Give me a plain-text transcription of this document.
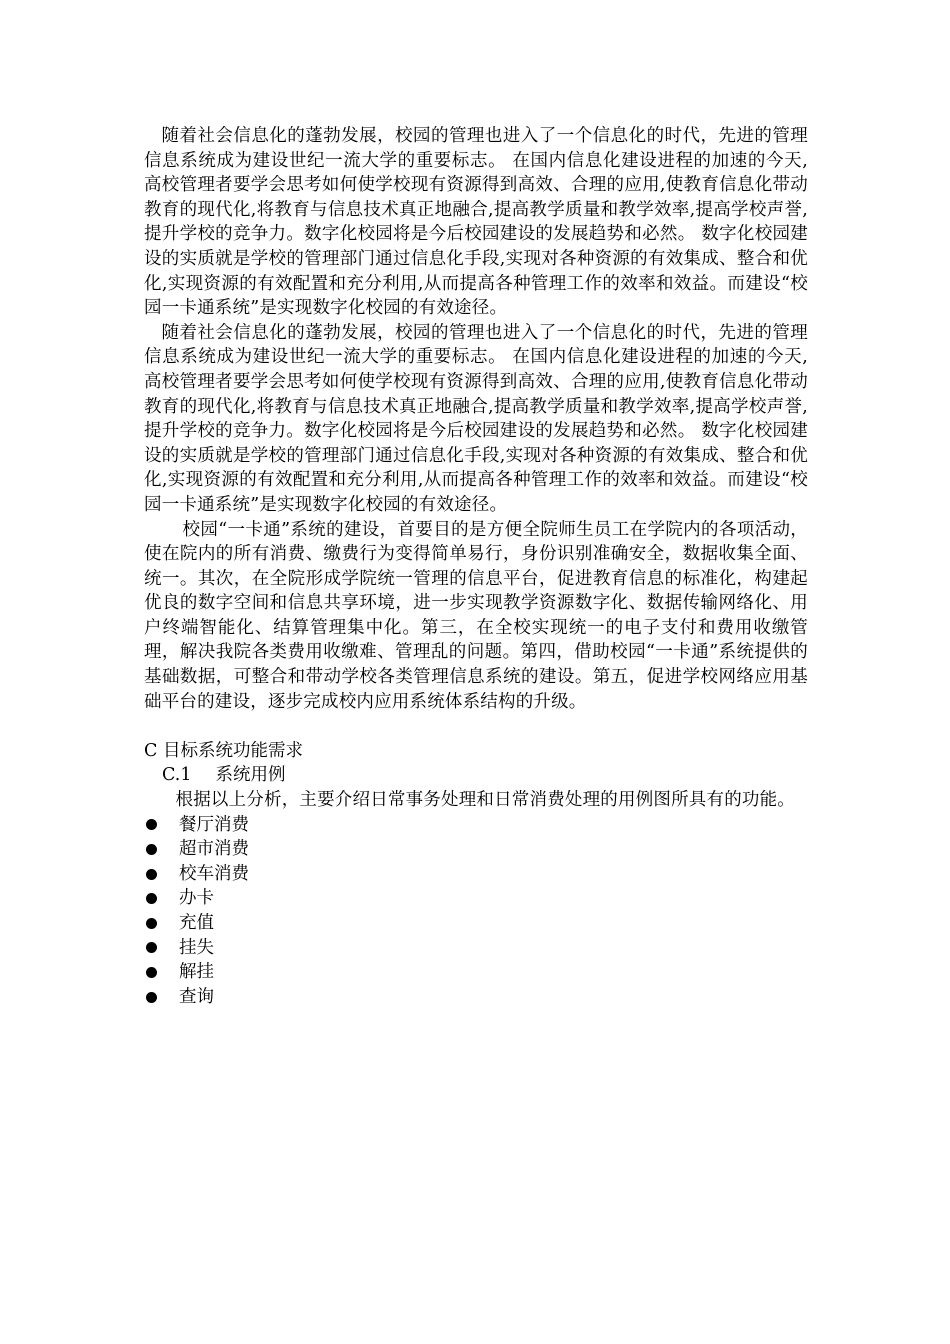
随着社会信息化的蓬勃发展，校园的管理也进入了一个信息化的时代，先进的管理信息系统成为建设世纪一流大学的重要标志。 在国内信息化建设进程的加速的今天,高校管理者要学会思考如何使学校现有资源得到高效、合理的应用,使教育信息化带动教育的现代化,将教育与信息技术真正地融合,提高教学质量和教学效率,提高学校声誉,提升学校的竞争力。数字化校园将是今后校园建设的发展趋势和必然。 数字化校园建设的实质就是学校的管理部门通过信息化手段,实现对各种资源的有效集成、整合和优化,实现资源的有效配置和充分利用,从而提高各种管理工作的效率和效益。而建设“校园一卡通系统”是实现数字化校园的有效途径。

随着社会信息化的蓬勃发展，校园的管理也进入了一个信息化的时代，先进的管理信息系统成为建设世纪一流大学的重要标志。 在国内信息化建设进程的加速的今天,高校管理者要学会思考如何使学校现有资源得到高效、合理的应用,使教育信息化带动教育的现代化,将教育与信息技术真正地融合,提高教学质量和教学效率,提高学校声誉,提升学校的竞争力。数字化校园将是今后校园建设的发展趋势和必然。 数字化校园建设的实质就是学校的管理部门通过信息化手段,实现对各种资源的有效集成、整合和优化,实现资源的有效配置和充分利用,从而提高各种管理工作的效率和效益。而建设“校园一卡通系统”是实现数字化校园的有效途径。

校园“一卡通”系统的建设，首要目的是方便全院师生员工在学院内的各项活动，使在院内的所有消费、缴费行为变得简单易行，身份识别准确安全，数据收集全面、统一。其次，在全院形成学院统一管理的信息平台，促进教育信息的标准化，构建起优良的数字空间和信息共享环境，进一步实现教学资源数字化、数据传输网络化、用户终端智能化、结算管理集中化。第三，在全校实现统一的电子支付和费用收缴管理，解决我院各类费用收缴难、管理乱的问题。第四，借助校园“一卡通”系统提供的基础数据，可整合和带动学校各类管理信息系统的建设。第五，促进学校网络应用基础平台的建设，逐步完成校内应用系统体系结构的升级。

C 目标系统功能需求

C.1 系统用例

根据以上分析，主要介绍日常事务处理和日常消费处理的用例图所具有的功能。

餐厅消费
超市消费
校车消费
办卡
充值
挂失
解挂
查询
